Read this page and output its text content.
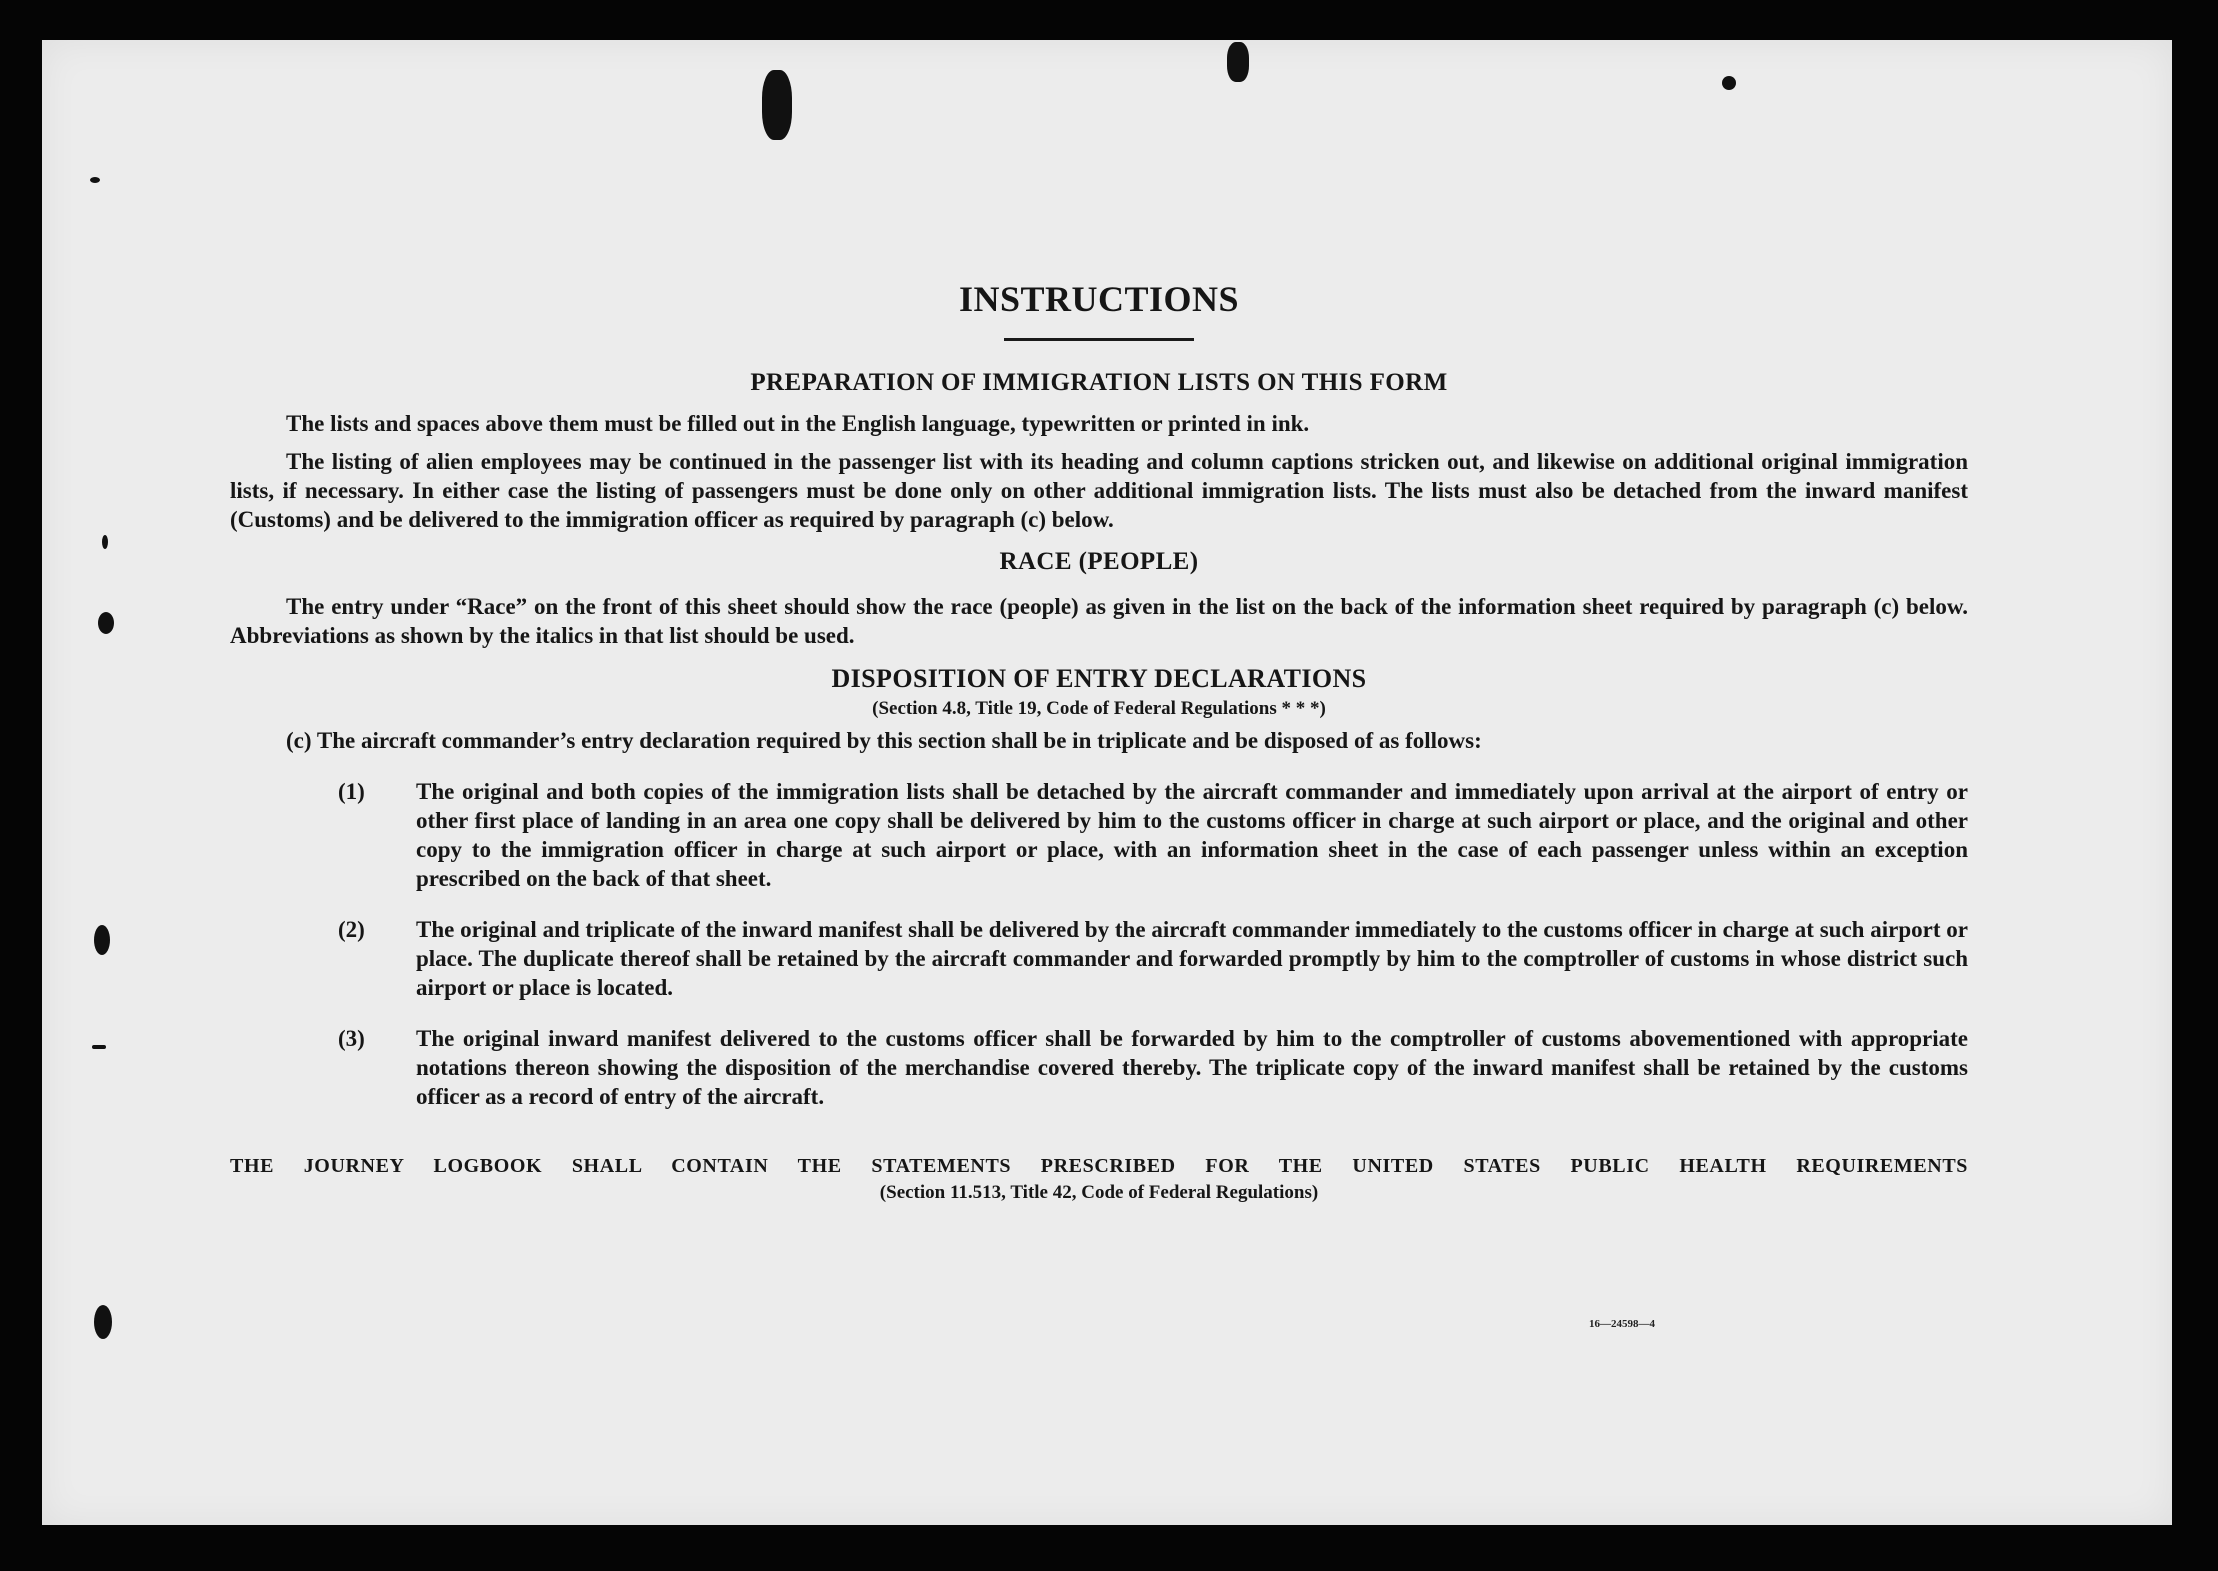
INSTRUCTIONS
PREPARATION OF IMMIGRATION LISTS ON THIS FORM
The lists and spaces above them must be filled out in the English language, typewritten or printed in ink.
The listing of alien employees may be continued in the passenger list with its heading and column captions stricken out, and likewise on additional original immigration lists, if necessary. In either case the listing of passengers must be done only on other additional immigration lists. The lists must also be detached from the inward manifest (Customs) and be delivered to the immigration officer as required by paragraph (c) below.
RACE (PEOPLE)
The entry under “Race” on the front of this sheet should show the race (people) as given in the list on the back of the information sheet required by paragraph (c) below. Abbreviations as shown by the italics in that list should be used.
DISPOSITION OF ENTRY DECLARATIONS
(Section 4.8, Title 19, Code of Federal Regulations * * *)
(c) The aircraft commander’s entry declaration required by this section shall be in triplicate and be disposed of as follows:
(1) The original and both copies of the immigration lists shall be detached by the aircraft commander and immediately upon arrival at the airport of entry or other first place of landing in an area one copy shall be delivered by him to the customs officer in charge at such airport or place, and the original and other copy to the immigration officer in charge at such airport or place, with an information sheet in the case of each passenger unless within an exception prescribed on the back of that sheet.
(2) The original and triplicate of the inward manifest shall be delivered by the aircraft commander immediately to the customs officer in charge at such airport or place. The duplicate thereof shall be retained by the aircraft commander and forwarded promptly by him to the comptroller of customs in whose district such airport or place is located.
(3) The original inward manifest delivered to the customs officer shall be forwarded by him to the comptroller of customs abovementioned with appropriate notations thereon showing the disposition of the merchandise covered thereby. The triplicate copy of the inward manifest shall be retained by the customs officer as a record of entry of the aircraft.
THE JOURNEY LOGBOOK SHALL CONTAIN THE STATEMENTS PRESCRIBED FOR THE UNITED STATES PUBLIC HEALTH REQUIREMENTS
(Section 11.513, Title 42, Code of Federal Regulations)
16—24598—4
